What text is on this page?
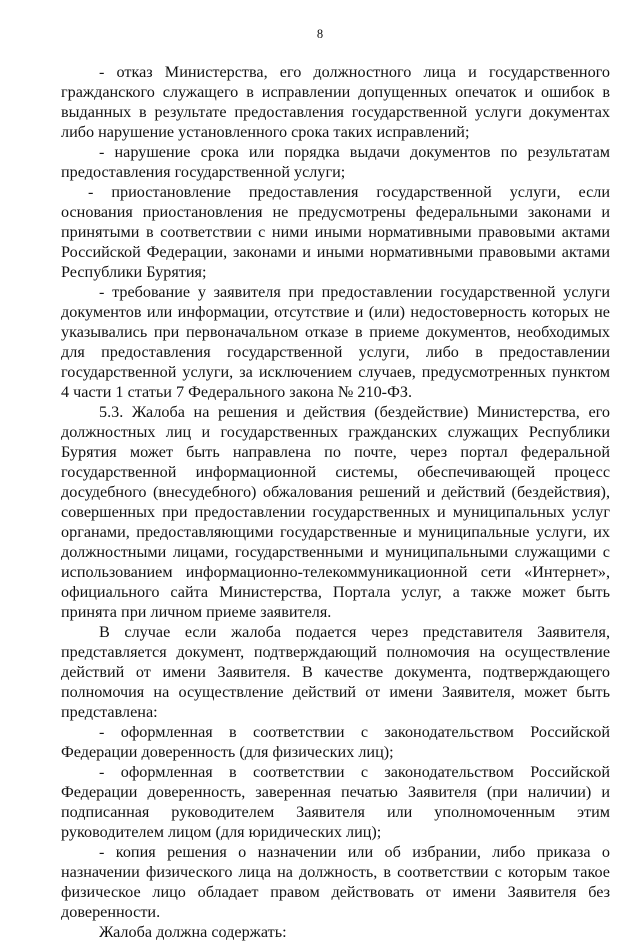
8

- отказ Министерства, его должностного лица и государственного гражданского служащего в исправлении допущенных опечаток и ошибок в выданных в результате предоставления государственной услуги документах либо нарушение установленного срока таких исправлений;

- нарушение срока или порядка выдачи документов по результатам предоставления государственной услуги;

- приостановление предоставления государственной услуги, если основания приостановления не предусмотрены федеральными законами и принятыми в соответствии с ними иными нормативными правовыми актами Российской Федерации, законами и иными нормативными правовыми актами Республики Бурятия;

- требование у заявителя при предоставлении государственной услуги документов или информации, отсутствие и (или) недостоверность которых не указывались при первоначальном отказе в приеме документов, необходимых для предоставления государственной услуги, либо в предоставлении государственной услуги, за исключением случаев, предусмотренных пунктом 4 части 1 статьи 7 Федерального закона № 210-ФЗ.

5.3. Жалоба на решения и действия (бездействие) Министерства, его должностных лиц и государственных гражданских служащих Республики Бурятия может быть направлена по почте, через портал федеральной государственной информационной системы, обеспечивающей процесс досудебного (внесудебного) обжалования решений и действий (бездействия), совершенных при предоставлении государственных и муниципальных услуг органами, предоставляющими государственные и муниципальные услуги, их должностными лицами, государственными и муниципальными служащими с использованием информационно-телекоммуникационной сети «Интернет», официального сайта Министерства, Портала услуг, а также может быть принята при личном приеме заявителя.

В случае если жалоба подается через представителя Заявителя, представляется документ, подтверждающий полномочия на осуществление действий от имени Заявителя. В качестве документа, подтверждающего полномочия на осуществление действий от имени Заявителя, может быть представлена:

- оформленная в соответствии с законодательством Российской Федерации доверенность (для физических лиц);

- оформленная в соответствии с законодательством Российской Федерации доверенность, заверенная печатью Заявителя (при наличии) и подписанная руководителем Заявителя или уполномоченным этим руководителем лицом (для юридических лиц);

- копия решения о назначении или об избрании, либо приказа о назначении физического лица на должность, в соответствии с которым такое физическое лицо обладает правом действовать от имени Заявителя без доверенности.

Жалоба должна содержать:
